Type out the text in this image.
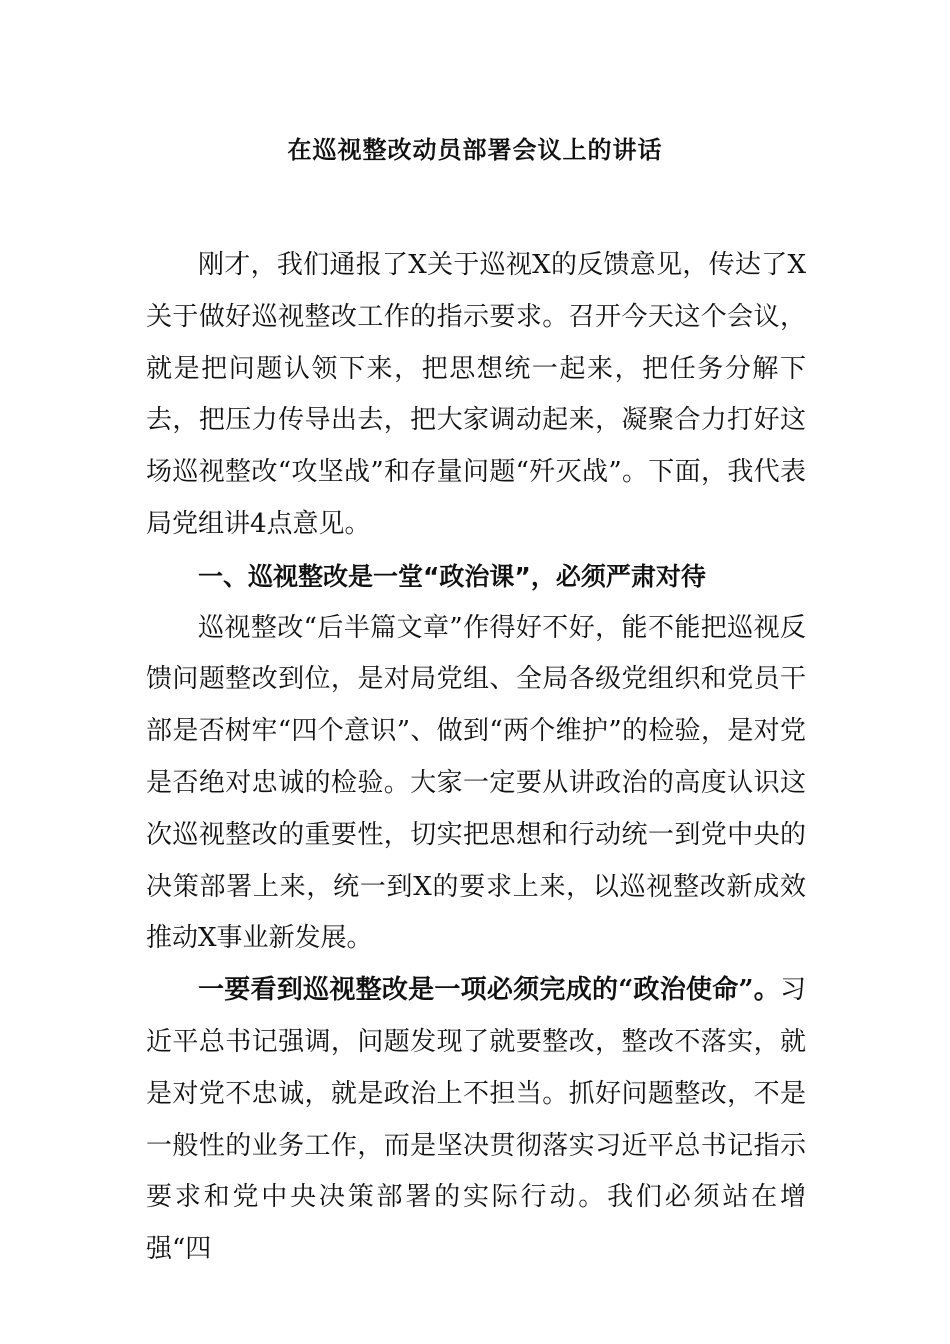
在巡视整改动员部署会议上的讲话

刚才，我们通报了X关于巡视X的反馈意见，传达了X关于做好巡视整改工作的指示要求。召开今天这个会议，就是把问题认领下来，把思想统一起来，把任务分解下去，把压力传导出去，把大家调动起来，凝聚合力打好这场巡视整改“攻坚战”和存量问题“歼灭战”。下面，我代表局党组讲4点意见。

一、巡视整改是一堂“政治课”，必须严肃对待

巡视整改“后半篇文章”作得好不好，能不能把巡视反馈问题整改到位，是对局党组、全局各级党组织和党员干部是否树牢“四个意识”、做到“两个维护”的检验，是对党是否绝对忠诚的检验。大家一定要从讲政治的高度认识这次巡视整改的重要性，切实把思想和行动统一到党中央的决策部署上来，统一到X的要求上来，以巡视整改新成效推动X事业新发展。

一要看到巡视整改是一项必须完成的“政治使命”。习近平总书记强调，问题发现了就要整改，整改不落实，就是对党不忠诚，就是政治上不担当。抓好问题整改，不是一般性的业务工作，而是坚决贯彻落实习近平总书记指示要求和党中央决策部署的实际行动。我们必须站在增强“四
